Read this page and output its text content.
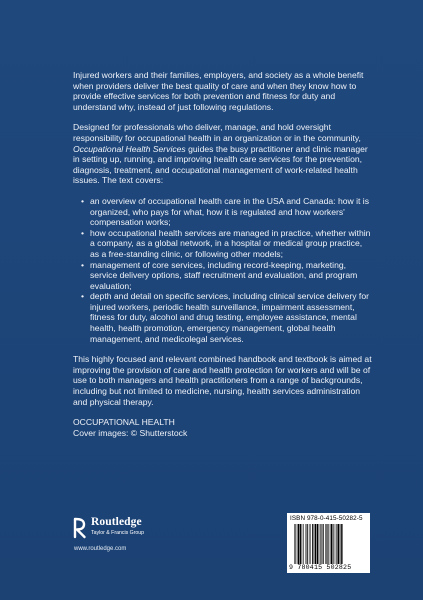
Injured workers and their families, employers, and society as a whole benefit when providers deliver the best quality of care and when they know how to provide effective services for both prevention and fitness for duty and understand why, instead of just following regulations.

Designed for professionals who deliver, manage, and hold oversight responsibility for occupational health in an organization or in the community, Occupational Health Services guides the busy practitioner and clinic manager in setting up, running, and improving health care services for the prevention, diagnosis, treatment, and occupational management of work-related health issues. The text covers:

• an overview of occupational health care in the USA and Canada: how it is organized, who pays for what, how it is regulated and how workers' compensation works;
• how occupational health services are managed in practice, whether within a company, as a global network, in a hospital or medical group practice, as a free-standing clinic, or following other models;
• management of core services, including record-keeping, marketing, service delivery options, staff recruitment and evaluation, and program evaluation;
• depth and detail on specific services, including clinical service delivery for injured workers, periodic health surveillance, impairment assessment, fitness for duty, alcohol and drug testing, employee assistance, mental health, health promotion, emergency management, global health management, and medicolegal services.

This highly focused and relevant combined handbook and textbook is aimed at improving the provision of care and health protection for workers and will be of use to both managers and health practitioners from a range of backgrounds, including but not limited to medicine, nursing, health services administration and physical therapy.

OCCUPATIONAL HEALTH

Cover images: © Shutterstock

Routledge
Taylor & Francis Group
www.routledge.com
ISBN 978-0-415-50282-5
9 780415 502825
